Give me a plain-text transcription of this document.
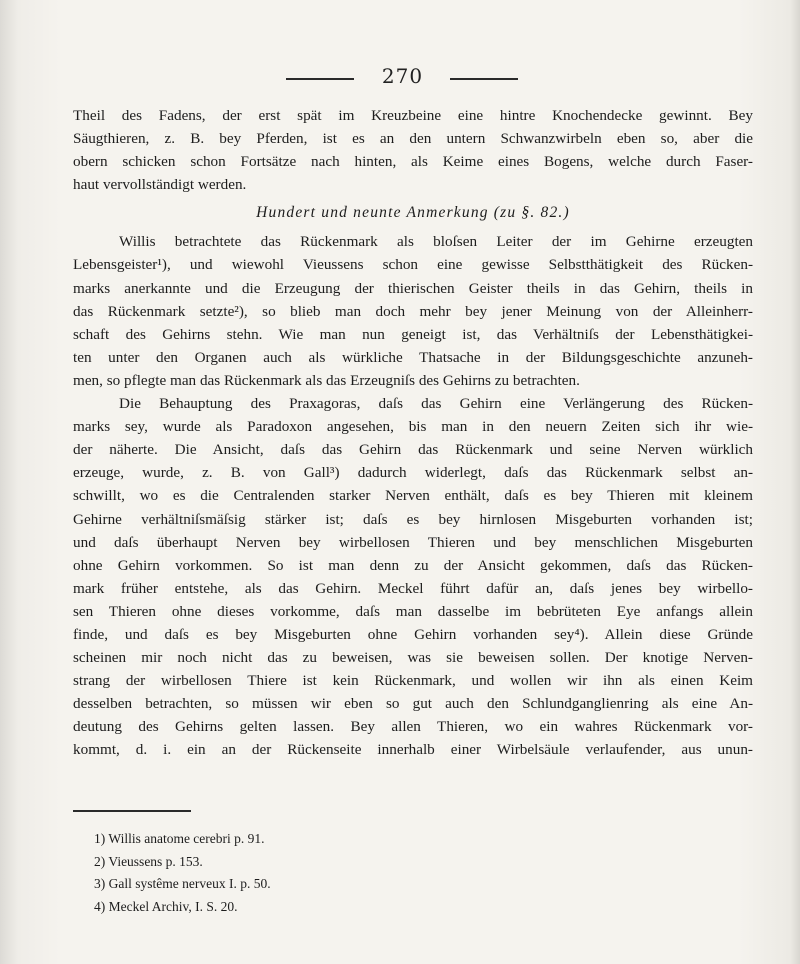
270
Theil des Fadens, der erst spät im Kreuzbeine eine hintre Knochendecke gewinnt. Bey
Säugthieren, z. B. bey Pferden, ist es an den untern Schwanzwirbeln eben so, aber die
obern schicken schon Fortsätze nach hinten, als Keime eines Bogens, welche durch Faser-
haut vervollständigt werden.
Hundert und neunte Anmerkung (zu §. 82.)
Willis betrachtete das Rückenmark als bloſsen Leiter der im Gehirne erzeugten
Lebensgeister¹), und wiewohl Vieussens schon eine gewisse Selbstthätigkeit des Rücken-
marks anerkannte und die Erzeugung der thierischen Geister theils in das Gehirn, theils in
das Rückenmark setzte²), so blieb man doch mehr bey jener Meinung von der Alleinherr-
schaft des Gehirns stehn. Wie man nun geneigt ist, das Verhältniſs der Lebensthätigkei-
ten unter den Organen auch als würkliche Thatsache in der Bildungsgeschichte anzuneh-
men, so pflegte man das Rückenmark als das Erzeugniſs des Gehirns zu betrachten.
Die Behauptung des Praxagoras, daſs das Gehirn eine Verlängerung des Rücken-
marks sey, wurde als Paradoxon angesehen, bis man in den neuern Zeiten sich ihr wie-
der näherte. Die Ansicht, daſs das Gehirn das Rückenmark und seine Nerven würklich
erzeuge, wurde, z. B. von Gall³) dadurch widerlegt, daſs das Rückenmark selbst an-
schwillt, wo es die Centralenden starker Nerven enthält, daſs es bey Thieren mit kleinem
Gehirne verhältniſsmäſsig stärker ist; daſs es bey hirnlosen Misgeburten vorhanden ist;
und daſs überhaupt Nerven bey wirbellosen Thieren und bey menschlichen Misgeburten
ohne Gehirn vorkommen. So ist man denn zu der Ansicht gekommen, daſs das Rücken-
mark früher entstehe, als das Gehirn. Meckel führt dafür an, daſs jenes bey wirbello-
sen Thieren ohne dieses vorkomme, daſs man dasselbe im bebrüteten Eye anfangs allein
finde, und daſs es bey Misgeburten ohne Gehirn vorhanden sey⁴). Allein diese Gründe
scheinen mir noch nicht das zu beweisen, was sie beweisen sollen. Der knotige Nerven-
strang der wirbellosen Thiere ist kein Rückenmark, und wollen wir ihn als einen Keim
desselben betrachten, so müssen wir eben so gut auch den Schlundganglienring als eine An-
deutung des Gehirns gelten lassen. Bey allen Thieren, wo ein wahres Rückenmark vor-
kommt, d. i. ein an der Rückenseite innerhalb einer Wirbelsäule verlaufender, aus unun-
1) Willis anatome cerebri p. 91.
2) Vieussens p. 153.
3) Gall systême nerveux I. p. 50.
4) Meckel Archiv, I. S. 20.
